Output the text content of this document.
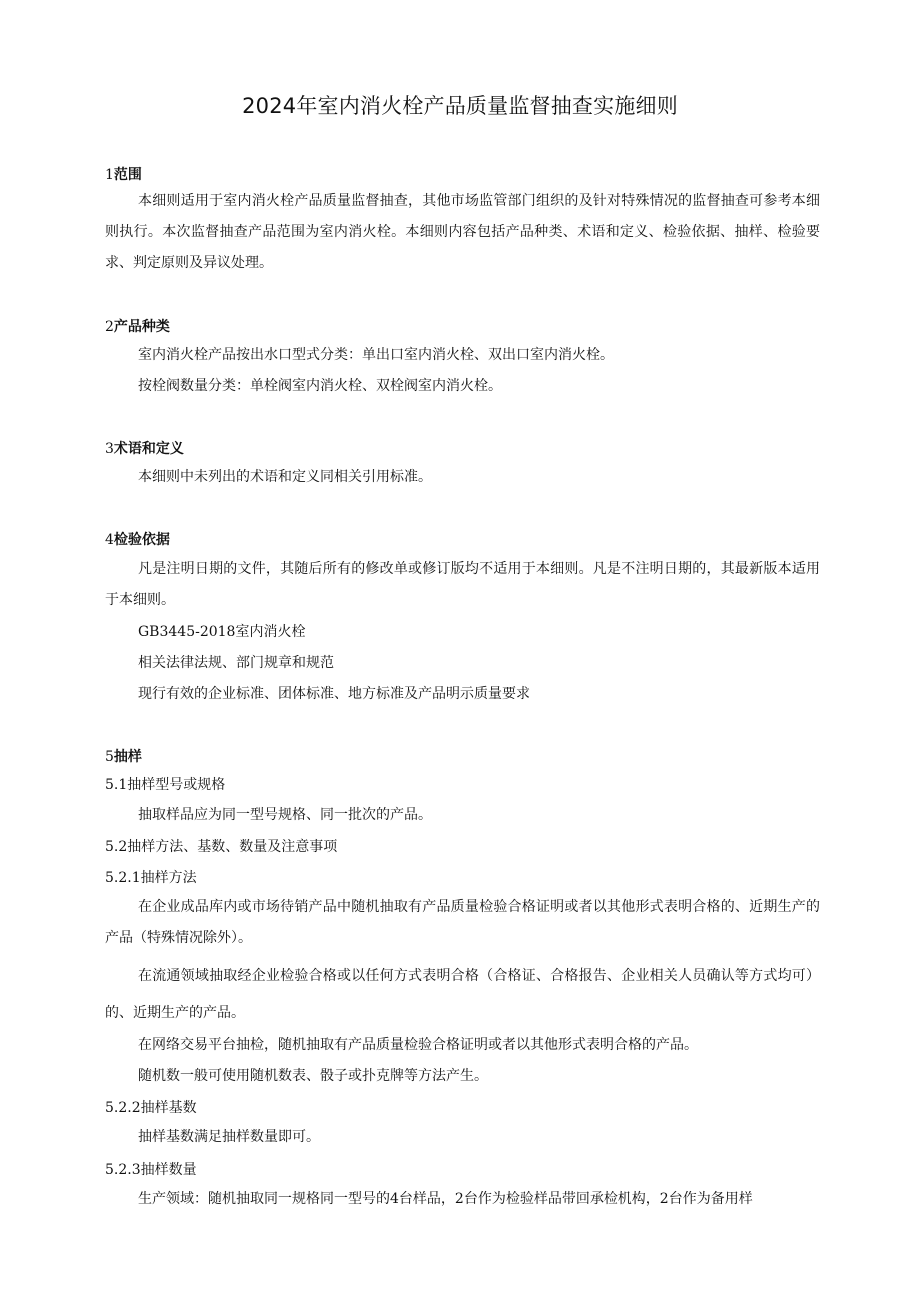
2024年室内消火栓产品质量监督抽查实施细则
1范围
本细则适用于室内消火栓产品质量监督抽查，其他市场监管部门组织的及针对特殊情况的监督抽查可参考本细则执行。本次监督抽查产品范围为室内消火栓。本细则内容包括产品种类、术语和定义、检验依据、抽样、检验要求、判定原则及异议处理。
2产品种类
室内消火栓产品按出水口型式分类：单出口室内消火栓、双出口室内消火栓。
按栓阀数量分类：单栓阀室内消火栓、双栓阀室内消火栓。
3术语和定义
本细则中未列出的术语和定义同相关引用标准。
4检验依据
凡是注明日期的文件，其随后所有的修改单或修订版均不适用于本细则。凡是不注明日期的，其最新版本适用于本细则。
GB3445-2018室内消火栓
相关法律法规、部门规章和规范
现行有效的企业标准、团体标准、地方标准及产品明示质量要求
5抽样
5.1抽样型号或规格
抽取样品应为同一型号规格、同一批次的产品。
5.2抽样方法、基数、数量及注意事项
5.2.1抽样方法
在企业成品库内或市场待销产品中随机抽取有产品质量检验合格证明或者以其他形式表明合格的、近期生产的产品（特殊情况除外）。
在流通领域抽取经企业检验合格或以任何方式表明合格（合格证、合格报告、企业相关人员确认等方式均可）的、近期生产的产品。
在网络交易平台抽检，随机抽取有产品质量检验合格证明或者以其他形式表明合格的产品。
随机数一般可使用随机数表、骰子或扑克牌等方法产生。
5.2.2抽样基数
抽样基数满足抽样数量即可。
5.2.3抽样数量
生产领域：随机抽取同一规格同一型号的4台样品，2台作为检验样品带回承检机构，2台作为备用样
